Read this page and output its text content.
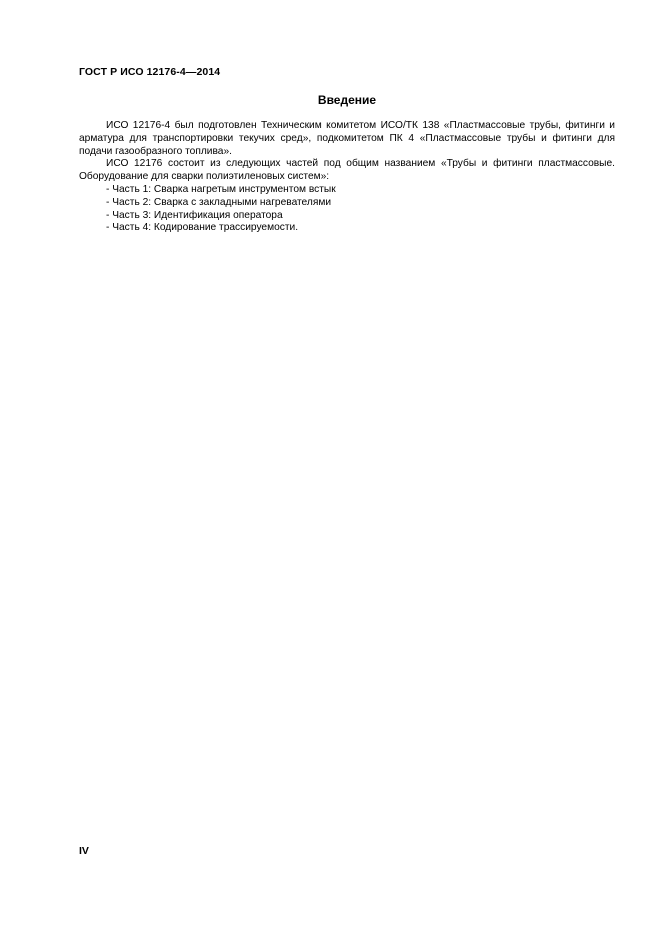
ГОСТ Р ИСО 12176-4—2014
Введение

ИСО 12176-4 был подготовлен Техническим комитетом ИСО/ТК 138 «Пластмассовые трубы, фитинги и арматура для транспортировки текучих сред», подкомитетом ПК 4 «Пластмассовые трубы и фитинги для подачи газообразного топлива».

ИСО 12176 состоит из следующих частей под общим названием «Трубы и фитинги пластмассовые. Оборудование для сварки полиэтиленовых систем»:

- Часть 1: Сварка нагретым инструментом встык
- Часть 2: Сварка с закладными нагревателями
- Часть 3: Идентификация оператора
- Часть 4: Кодирование трассируемости.
IV
